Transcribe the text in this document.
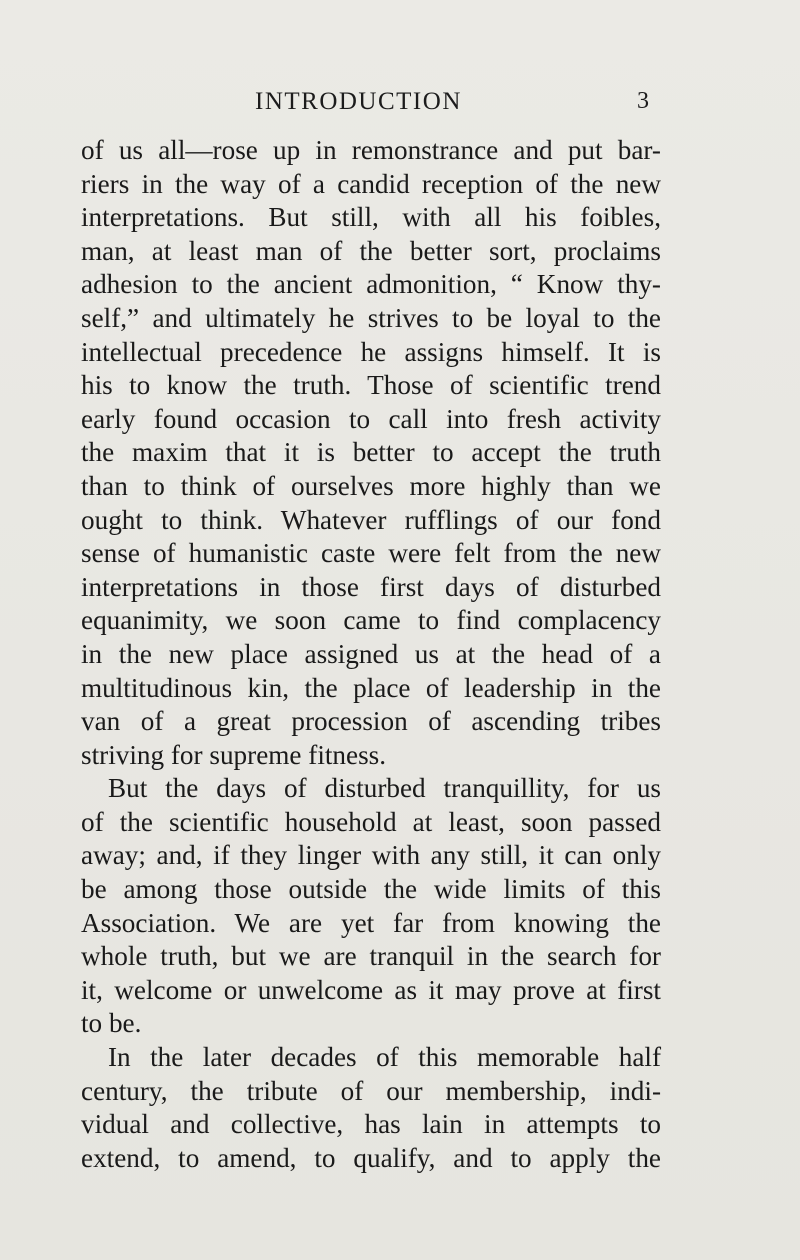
INTRODUCTION	3
of us all—rose up in remonstrance and put bar-
riers in the way of a candid reception of the new
interpretations. But still, with all his foibles,
man, at least man of the better sort, proclaims
adhesion to the ancient admonition, “ Know thy-
self,” and ultimately he strives to be loyal to the
intellectual precedence he assigns himself. It is
his to know the truth. Those of scientific trend
early found occasion to call into fresh activity
the maxim that it is better to accept the truth
than to think of ourselves more highly than we
ought to think. Whatever rufflings of our fond
sense of humanistic caste were felt from the new
interpretations in those first days of disturbed
equanimity, we soon came to find complacency
in the new place assigned us at the head of a
multitudinous kin, the place of leadership in the
van of a great procession of ascending tribes
striving for supreme fitness.
But the days of disturbed tranquillity, for us
of the scientific household at least, soon passed
away; and, if they linger with any still, it can only
be among those outside the wide limits of this
Association. We are yet far from knowing the
whole truth, but we are tranquil in the search for
it, welcome or unwelcome as it may prove at first
to be.
In the later decades of this memorable half
century, the tribute of our membership, indi-
vidual and collective, has lain in attempts to
extend, to amend, to qualify, and to apply the
